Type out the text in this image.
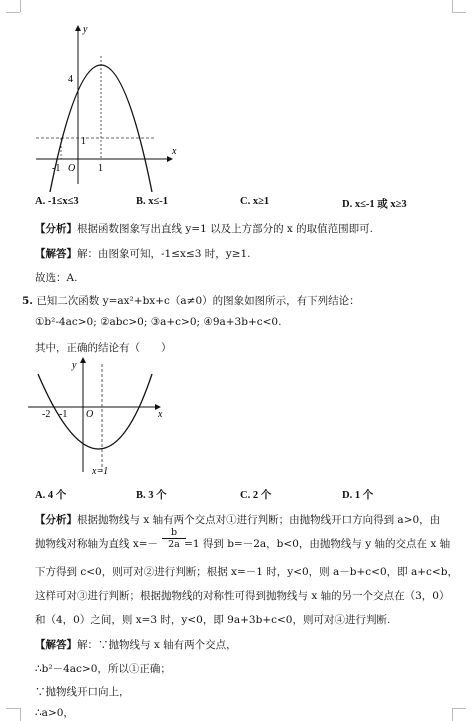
y
x
4
1
-1 O 1
A. -1≤x≤3	B. x≤-1	C. x≥1	D. x≤-1 或 x≥3
【分析】根据函数图象写出直线 y=1 以及上方部分的 x 的取值范围即可.
【解答】解：由图象可知，-1≤x≤3 时，y≥1.
故选：A.
5. 已知二次函数 y=ax²+bx+c（a≠0）的图象如图所示，有下列结论：
①b²-4ac>0; ②abc>0; ③a+c>0; ④9a+3b+c<0.
其中，正确的结论有（　　）
y
x
-2 -1 O
x=1
A. 4 个	B. 3 个	C. 2 个	D. 1 个
【分析】根据抛物线与 x 轴有两个交点对①进行判断；由抛物线开口方向得到 a>0，由
抛物线对称轴为直线 x=－ =1 得到 b=－2a，b<0，由抛物线与 y 轴的交点在 x 轴
$\frac{b}{2a}$
下方得到 c<0，则可对②进行判断；根据 x=－1 时，y<0，则 a－b+c<0，即 a+c<b，
这样可对③进行判断；根据抛物线的对称性可得到抛物线与 x 轴的另一个交点在（3，0）
和（4，0）之间，则 x=3 时，y<0，即 9a+3b+c<0，则可对④进行判断.
【解答】解：∵抛物线与 x 轴有两个交点，
∴b²－4ac>0，所以①正确；
∵抛物线开口向上，
∴a>0，
